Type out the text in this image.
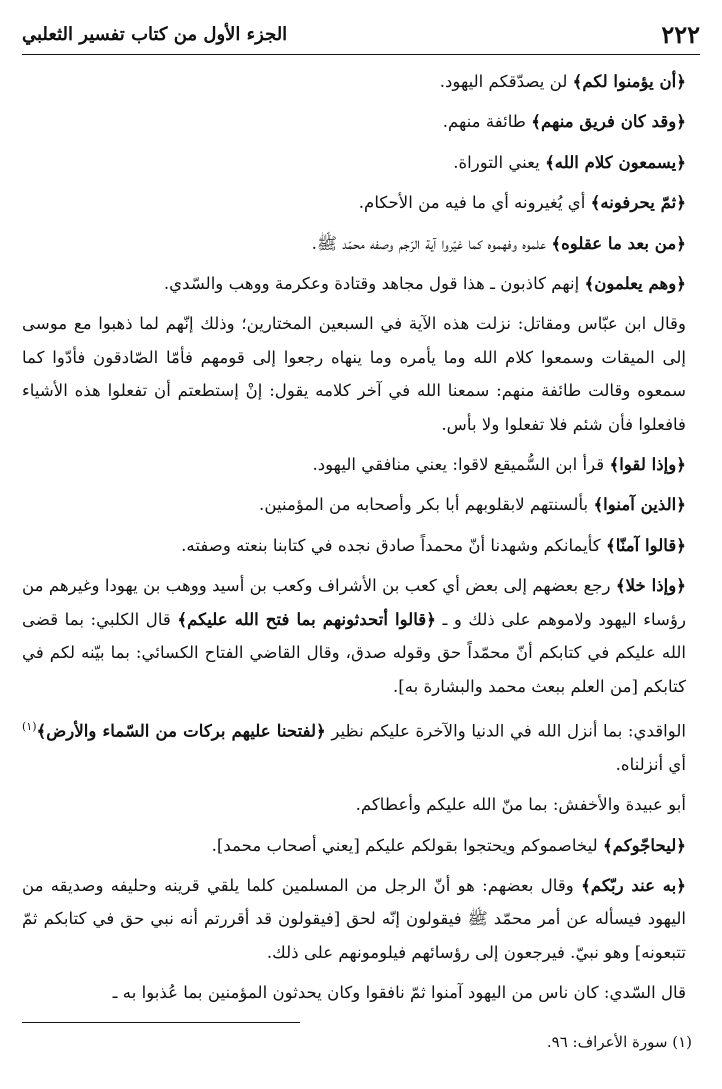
٢٢٢
الجزء الأول من كتاب تفسير الثعلبي

﴿أن يؤمنوا لكم﴾ لن يصدّقكم اليهود.

﴿وقد كان فريق منهم﴾ طائفة منهم.

﴿يسمعون كلام الله﴾ يعني التوراة.

﴿ثمّ يحرفونه﴾ أي يُغيرونه أي ما فيه من الأحكام.

﴿من بعد ما عقلوه﴾ علموه وفهموه كما غيّروا آية الرّجم وصفه محمّد ﷺ.

﴿وهم يعلمون﴾ إنهم كاذبون ـ هذا قول مجاهد وقتادة وعكرمة ووهب والسّدي.

وقال ابن عبّاس ومقاتل: نزلت هذه الآية في السبعين المختارين؛ وذلك إنّهم لما ذهبوا مع موسى إلى الميقات وسمعوا كلام الله وما يأمره وما ينهاه رجعوا إلى قومهم فأمّا الصّادقون فأدّوا كما سمعوه وقالت طائفة منهم: سمعنا الله في آخر كلامه يقول: إنْ إستطعتم أن تفعلوا هذه الأشياء فافعلوا فأن شئم فلا تفعلوا ولا بأس.

﴿وإذا لقوا﴾ قرأ ابن السُّميقع لاقوا: يعني منافقي اليهود.

﴿الذين آمنوا﴾ بألسنتهم لابقلوبهم أبا بكر وأصحابه من المؤمنين.

﴿قالوا آمنّا﴾ كأيمانكم وشهدنا أنّ محمداً صادق نجده في كتابنا بنعته وصفته.

﴿وإذا خلا﴾ رجع بعضهم إلى بعض أي كعب بن الأشراف وكعب بن أسيد ووهب بن يهودا وغيرهم من رؤساء اليهود ولاموهم على ذلك و ـ ﴿قالوا أتحدثونهم بما فتح الله عليكم﴾ قال الكلبي: بما قضى الله عليكم في كتابكم أنّ محمّداً حق وقوله صدق، وقال القاضي الفتاح الكسائي: بما بيّنه لكم في كتابكم [من العلم ببعث محمد والبشارة به].

الواقدي: بما أنزل الله في الدنيا والآخرة عليكم نظير ﴿لفتحنا عليهم بركات من السّماء والأرض﴾$^{(١)}$ أي أنزلناه.

أبو عبيدة والأخفش: بما منّ الله عليكم وأعطاكم.

﴿ليحاجّوكم﴾ ليخاصموكم ويحتجوا بقولكم عليكم [يعني أصحاب محمد].

﴿به عند ربّكم﴾ وقال بعضهم: هو أنّ الرجل من المسلمين كلما يلقي قرينه وحليفه وصديقه من اليهود فيسأله عن أمر محمّد ﷺ فيقولون إنّه لحق [فيقولون قد أقررتم أنه نبي حق في كتابكم ثمّ تتبعونه] وهو نبيّ. فيرجعون إلى رؤسائهم فيلومونهم على ذلك.

قال السّدي: كان ناس من اليهود آمنوا ثمّ نافقوا وكان يحدثون المؤمنين بما عُذبوا به ـ

(١) سورة الأعراف: ٩٦.
